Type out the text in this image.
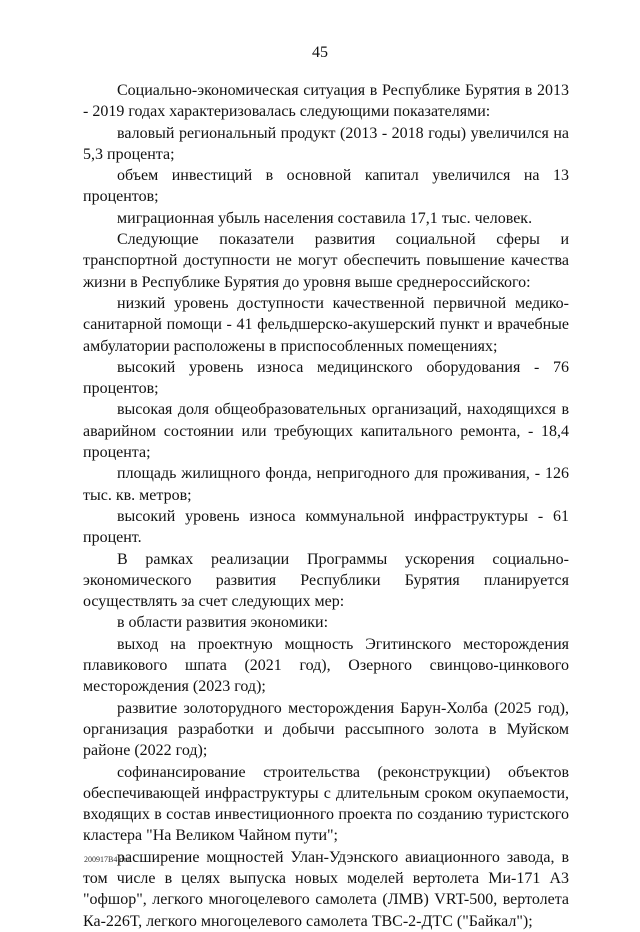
45

Социально-экономическая ситуация в Республике Бурятия в 2013 - 2019 годах характеризовалась следующими показателями:

валовый региональный продукт (2013 - 2018 годы) увеличился на 5,3 процента;

объем инвестиций в основной капитал увеличился на 13 процентов;

миграционная убыль населения составила 17,1 тыс. человек.

Следующие показатели развития социальной сферы и транспортной доступности не могут обеспечить повышение качества жизни в Республике Бурятия до уровня выше среднероссийского:

низкий уровень доступности качественной первичной медико-санитарной помощи - 41 фельдшерско-акушерский пункт и врачебные амбулатории расположены в приспособленных помещениях;

высокий уровень износа медицинского оборудования - 76 процентов;

высокая доля общеобразовательных организаций, находящихся в аварийном состоянии или требующих капитального ремонта, - 18,4 процента;

площадь жилищного фонда, непригодного для проживания, - 126 тыс. кв. метров;

высокий уровень износа коммунальной инфраструктуры - 61 процент.

В рамках реализации Программы ускорения социально-экономического развития Республики Бурятия планируется осуществлять за счет следующих мер:

в области развития экономики:

выход на проектную мощность Эгитинского месторождения плавикового шпата (2021 год), Озерного свинцово-цинкового месторождения (2023 год);

развитие золоторудного месторождения Барун-Холба (2025 год), организация разработки и добычи рассыпного золота в Муйском районе (2022 год);

софинансирование строительства (реконструкции) объектов обеспечивающей инфраструктуры с длительным сроком окупаемости, входящих в состав инвестиционного проекта по созданию туристского кластера "На Великом Чайном пути";

расширение мощностей Улан-Удэнского авиационного завода, в том числе в целях выпуска новых моделей вертолета Ми-171 А3 "офшор", легкого многоцелевого самолета (ЛМВ) VRT-500, вертолета Ка-226Т, легкого многоцелевого самолета ТВС-2-ДТС ("Байкал");

200917В4 doc
